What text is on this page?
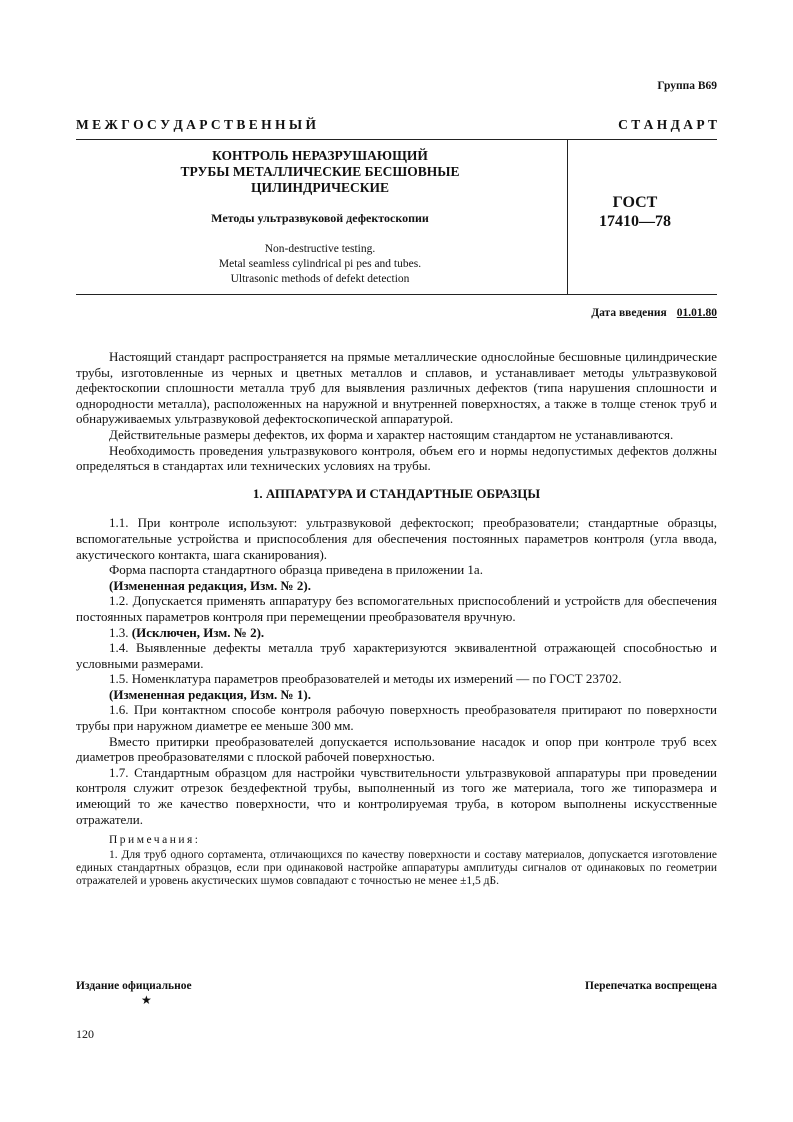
Группа В69
М Е Ж Г О С У Д А Р С Т В Е Н Н Ы Й	С Т А Н Д А Р Т
КОНТРОЛЬ НЕРАЗРУШАЮЩИЙ
ТРУБЫ МЕТАЛЛИЧЕСКИЕ БЕСШОВНЫЕ
ЦИЛИНДРИЧЕСКИЕ
Методы ультразвуковой дефектоскопии
Non-destructive testing.
Metal seamless cylindrical pi pes and tubes.
Ultrasonic methods of defekt detection
ГОСТ
17410—78
Дата введения 01.01.80

Настоящий стандарт распространяется на прямые металлические однослойные бесшовные цилиндрические трубы, изготовленные из черных и цветных металлов и сплавов, и устанавливает методы ультразвуковой дефектоскопии сплошности металла труб для выявления различных дефектов (типа нарушения сплошности и однородности металла), расположенных на наружной и внутренней поверхностях, а также в толще стенок труб и обнаруживаемых ультразвуковой дефектоскопической аппаратурой.

Действительные размеры дефектов, их форма и характер настоящим стандартом не устанавливаются.

Необходимость проведения ультразвукового контроля, объем его и нормы недопустимых дефектов должны определяться в стандартах или технических условиях на трубы.

1. АППАРАТУРА И СТАНДАРТНЫЕ ОБРАЗЦЫ

1.1. При контроле используют: ультразвуковой дефектоскоп; преобразователи; стандартные образцы, вспомогательные устройства и приспособления для обеспечения постоянных параметров контроля (угла ввода, акустического контакта, шага сканирования).

Форма паспорта стандартного образца приведена в приложении 1а.

(Измененная редакция, Изм. № 2).

1.2. Допускается применять аппаратуру без вспомогательных приспособлений и устройств для обеспечения постоянных параметров контроля при перемещении преобразователя вручную.

1.3. (Исключен, Изм. № 2).

1.4. Выявленные дефекты металла труб характеризуются эквивалентной отражающей способностью и условными размерами.

1.5. Номенклатура параметров преобразователей и методы их измерений — по ГОСТ 23702.

(Измененная редакция, Изм. № 1).

1.6. При контактном способе контроля рабочую поверхность преобразователя притирают по поверхности трубы при наружном диаметре ее меньше 300 мм.

Вместо притирки преобразователей допускается использование насадок и опор при контроле труб всех диаметров преобразователями с плоской рабочей поверхностью.

1.7. Стандартным образцом для настройки чувствительности ультразвуковой аппаратуры при проведении контроля служит отрезок бездефектной трубы, выполненный из того же материала, того же типоразмера и имеющий то же качество поверхности, что и контролируемая труба, в котором выполнены искусственные отражатели.

Примечания:

1. Для труб одного сортамента, отличающихся по качеству поверхности и составу материалов, допускается изготовление единых стандартных образцов, если при одинаковой настройке аппаратуры амплитуды сигналов от одинаковых по геометрии отражателей и уровень акустических шумов совпадают с точностью не менее ±1,5 дБ.

Издание официальное	Перепечатка воспрещена
★
120
